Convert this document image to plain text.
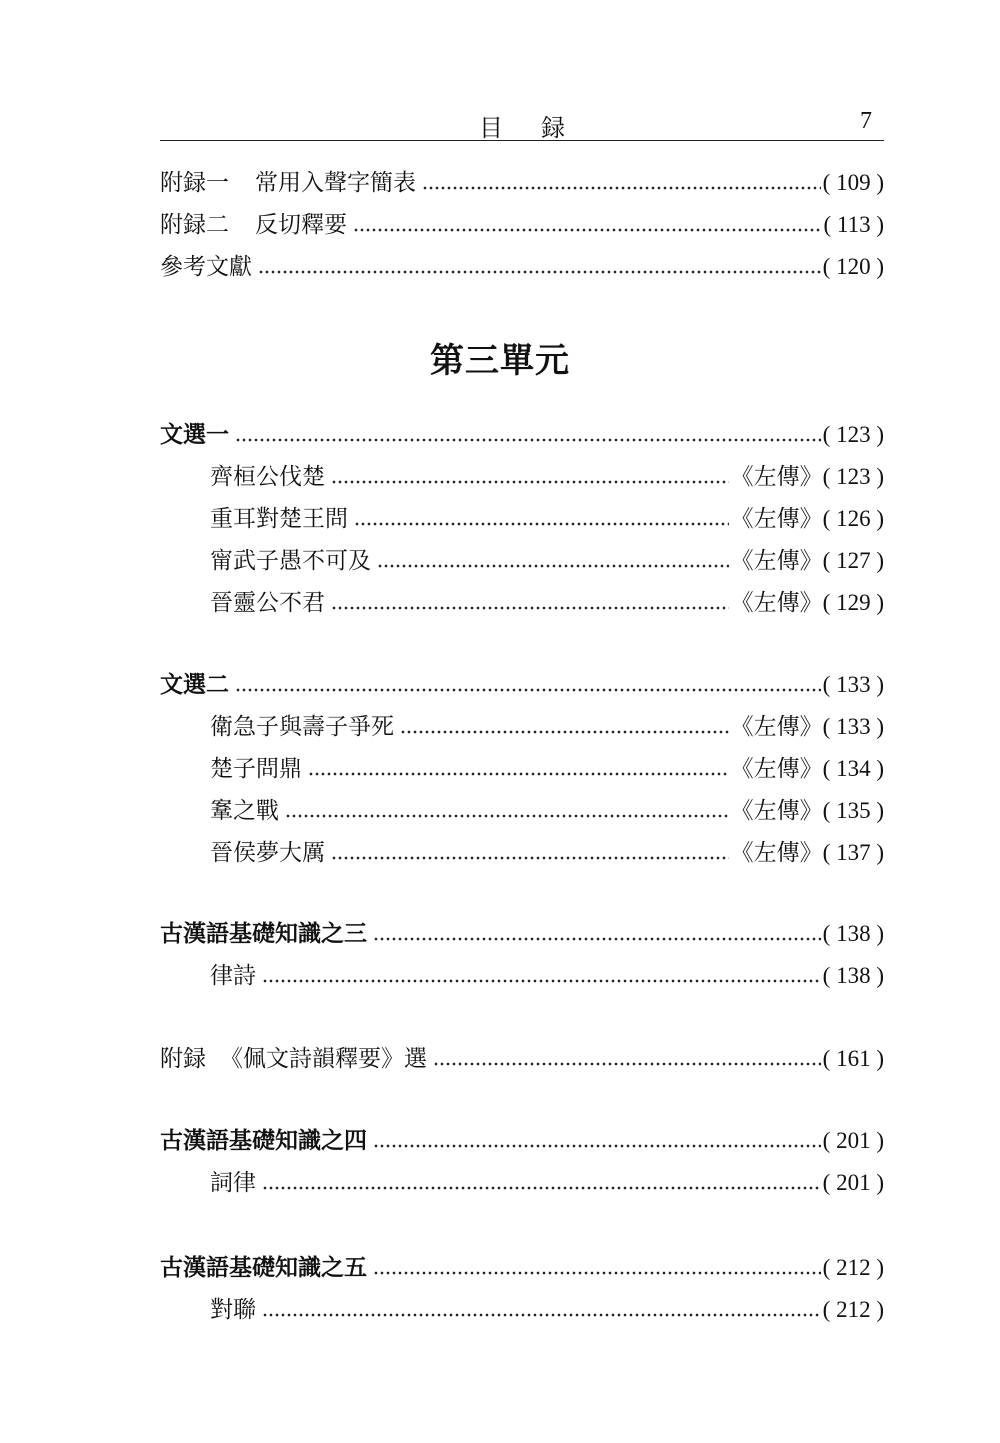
目録	7
附録一 常用入聲字簡表	( 109 )
附録二 反切釋要	( 113 )
參考文獻	( 120 )
第三單元
文選一	( 123 )
齊桓公伐楚	《左傳》 ( 123 )
重耳對楚王問	《左傳》 ( 126 )
甯武子愚不可及	《左傳》 ( 127 )
晉靈公不君	《左傳》 ( 129 )
文選二	( 133 )
衛急子與壽子爭死	《左傳》 ( 133 )
楚子問鼎	《左傳》 ( 134 )
鞌之戰	《左傳》 ( 135 )
晉侯夢大厲	《左傳》 ( 137 )
古漢語基礎知識之三	( 138 )
律詩	( 138 )
附録 《佩文詩韻釋要》選	( 161 )
古漢語基礎知識之四	( 201 )
詞律	( 201 )
古漢語基礎知識之五	( 212 )
對聯	( 212 )
